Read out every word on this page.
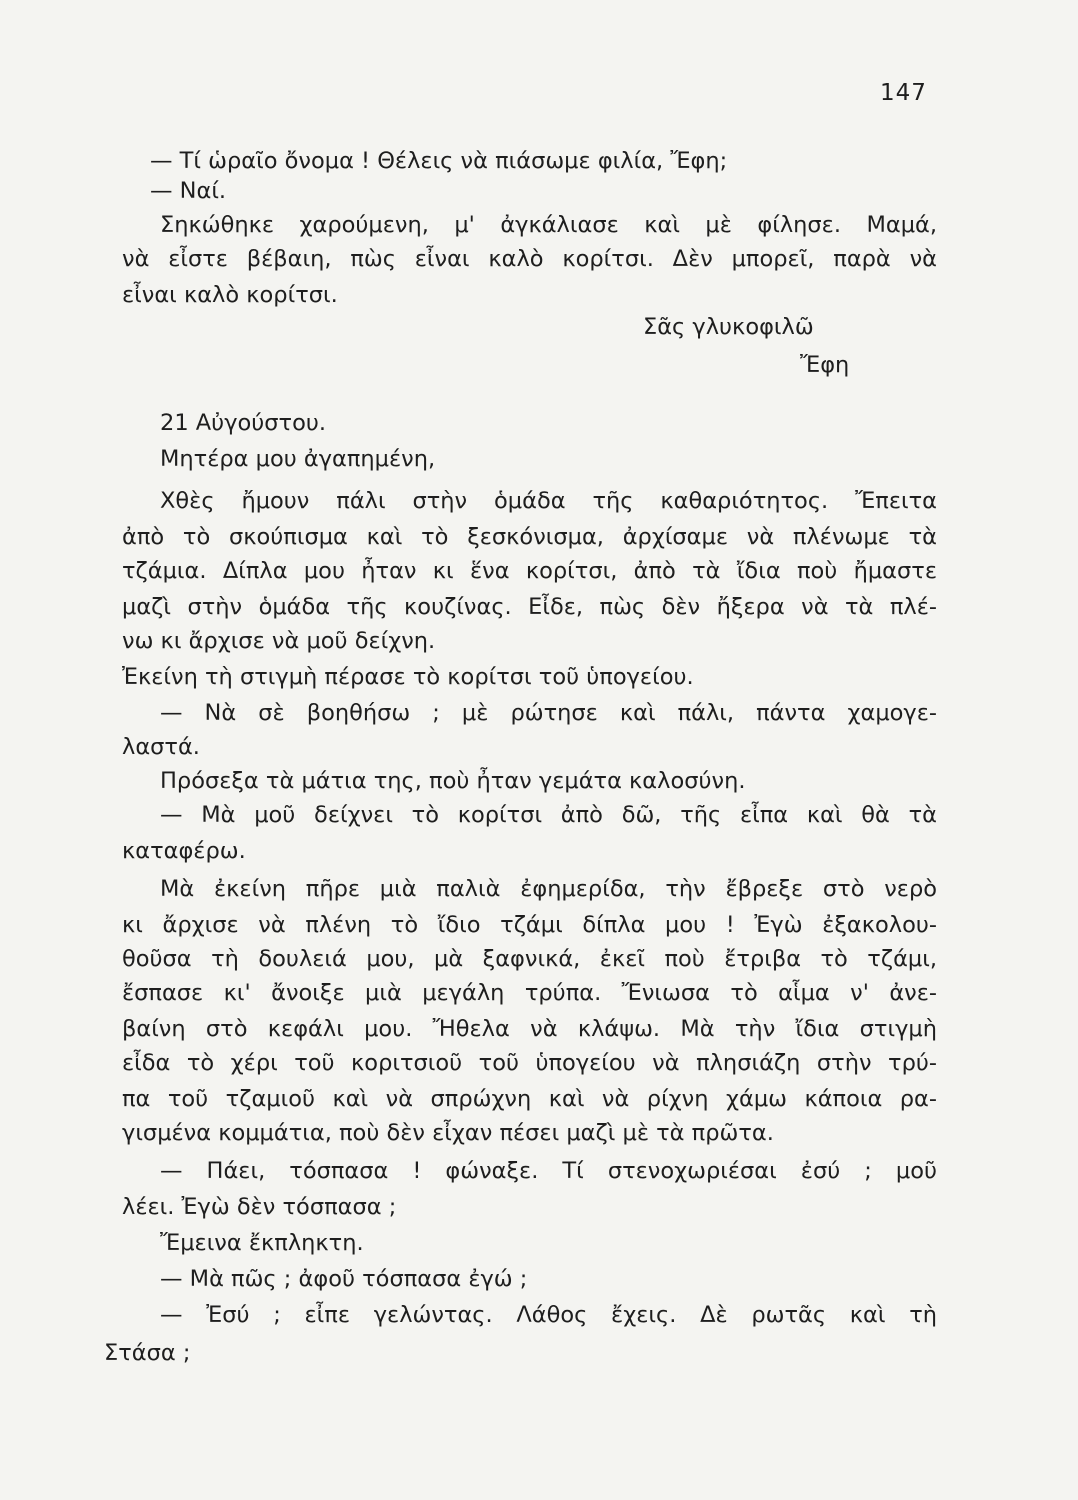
147
— Τί ὡραῖο ὄνομα ! Θέλεις νὰ πιάσωμε φιλία, Ἔφη;
— Ναί.
Σηκώθηκε χαρούμενη, μ' ἀγκάλιασε καὶ μὲ φίλησε. Μαμά,
νὰ εἶστε βέβαιη, πὼς εἶναι καλὸ κορίτσι. Δὲν μπορεῖ, παρὰ νὰ
εἶναι καλὸ κορίτσι.
Σᾶς γλυκοφιλῶ
Ἔφη
21 Αὐγούστου.
Μητέρα μου ἀγαπημένη,
Χθὲς ἤμουν πάλι στὴν ὁμάδα τῆς καθαριότητος. Ἔπειτα
ἀπὸ τὸ σκούπισμα καὶ τὸ ξεσκόνισμα, ἀρχίσαμε νὰ πλένωμε τὰ
τζάμια. Δίπλα μου ἦταν κι ἕνα κορίτσι, ἀπὸ τὰ ἴδια ποὺ ἤμαστε
μαζὶ στὴν ὁμάδα τῆς κουζίνας. Εἶδε, πὼς δὲν ἤξερα νὰ τὰ πλέ-
νω κι ἄρχισε νὰ μοῦ δείχνη.
Ἐκείνη τὴ στιγμὴ πέρασε τὸ κορίτσι τοῦ ὑπογείου.
— Νὰ σὲ βοηθήσω ; μὲ ρώτησε καὶ πάλι, πάντα χαμογε-
λαστά.
Πρόσεξα τὰ μάτια της, ποὺ ἦταν γεμάτα καλοσύνη.
— Μὰ μοῦ δείχνει τὸ κορίτσι ἀπὸ δῶ, τῆς εἶπα καὶ θὰ τὰ
καταφέρω.
Μὰ ἐκείνη πῆρε μιὰ παλιὰ ἐφημερίδα, τὴν ἔβρεξε στὸ νερὸ
κι ἄρχισε νὰ πλένη τὸ ἴδιο τζάμι δίπλα μου ! Ἐγὼ ἐξακολου-
θοῦσα τὴ δουλειά μου, μὰ ξαφνικά, ἐκεῖ ποὺ ἔτριβα τὸ τζάμι,
ἔσπασε κι' ἄνοιξε μιὰ μεγάλη τρύπα. Ἔνιωσα τὸ αἷμα ν' ἀνε-
βαίνη στὸ κεφάλι μου. Ἤθελα νὰ κλάψω. Μὰ τὴν ἴδια στιγμὴ
εἶδα τὸ χέρι τοῦ κοριτσιοῦ τοῦ ὑπογείου νὰ πλησιάζη στὴν τρύ-
πα τοῦ τζαμιοῦ καὶ νὰ σπρώχνη καὶ νὰ ρίχνη χάμω κάποια ρα-
γισμένα κομμάτια, ποὺ δὲν εἶχαν πέσει μαζὶ μὲ τὰ πρῶτα.
— Πάει, τόσπασα ! φώναξε. Τί στενοχωριέσαι ἐσύ ; μοῦ
λέει. Ἐγὼ δὲν τόσπασα ;
Ἔμεινα ἔκπληκτη.
— Μὰ πῶς ; ἀφοῦ τόσπασα ἐγώ ;
— Ἐσύ ; εἶπε γελώντας. Λάθος ἔχεις. Δὲ ρωτᾶς καὶ τὴ
Στάσα ;
